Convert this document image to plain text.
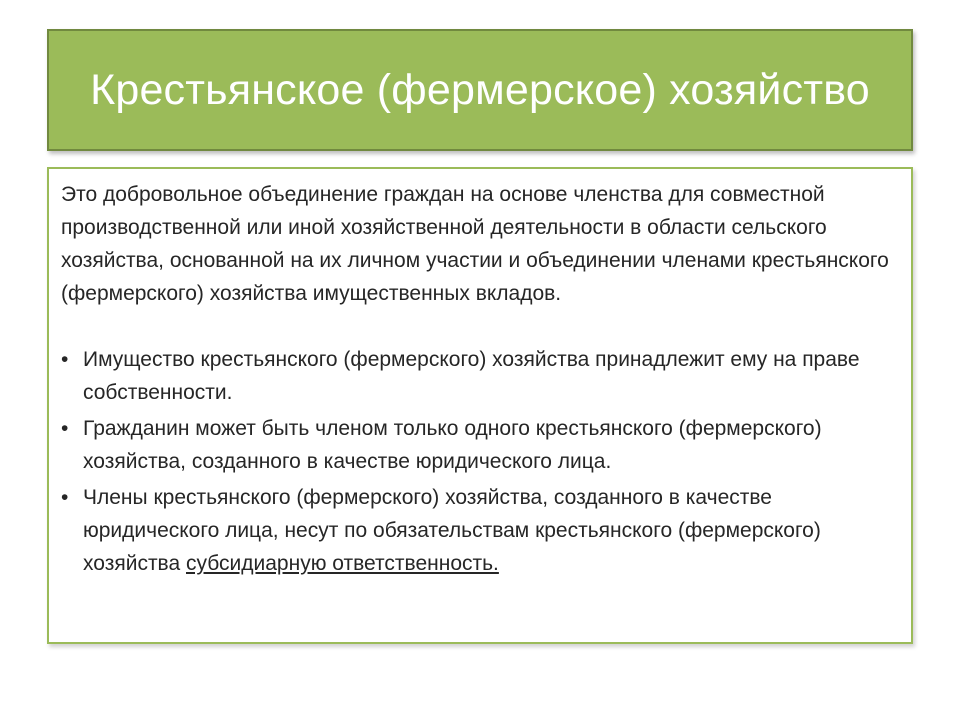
Крестьянское (фермерское) хозяйство

Это добровольное объединение граждан на основе членства для совместной производственной или иной хозяйственной деятельности в области сельского хозяйства, основанной на их личном участии и объединении членами крестьянского (фермерского) хозяйства имущественных вкладов.

• Имущество крестьянского (фермерского) хозяйства принадлежит ему на праве собственности.
• Гражданин может быть членом только одного крестьянского (фермерского) хозяйства, созданного в качестве юридического лица.
• Члены крестьянского (фермерского) хозяйства, созданного в качестве юридического лица, несут по обязательствам крестьянского (фермерского) хозяйства субсидиарную ответственность.
